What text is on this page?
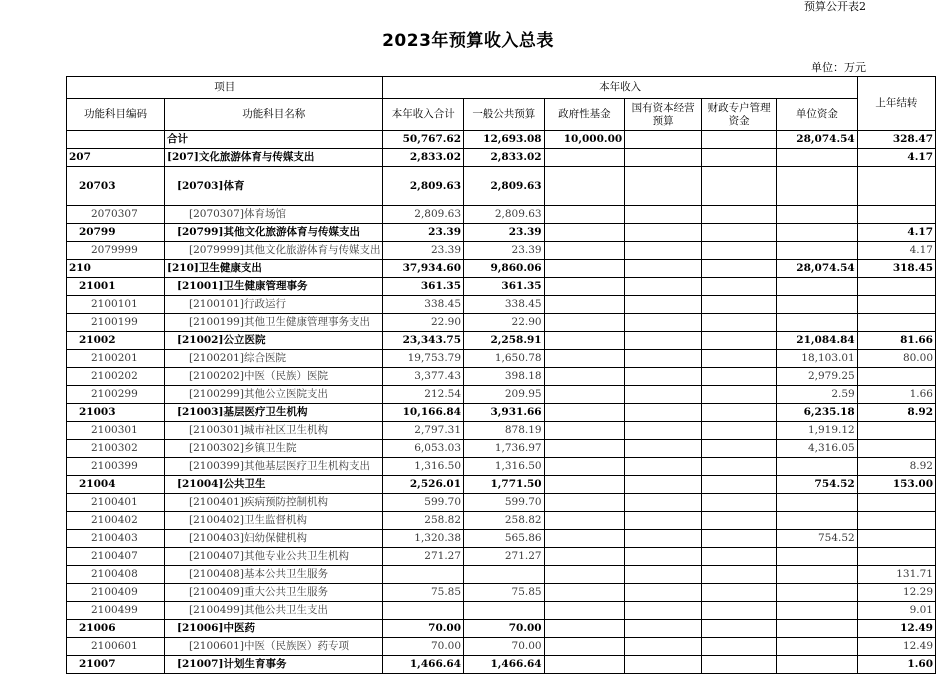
预算公开表2
2023年预算收入总表
单位：万元
项目		本年收入						上年结转
功能科目编码	功能科目名称	本年收入合计	一般公共预算	政府性基金	国有资本经营预算	财政专户管理资金	单位资金	
	合计	50,767.62	12,693.08	10,000.00			28,074.54	328.47
207	[207]文化旅游体育与传媒支出	2,833.02	2,833.02					4.17
20703	[20703]体育	2,809.63	2,809.63					
2070307	[2070307]体育场馆	2,809.63	2,809.63					
20799	[20799]其他文化旅游体育与传媒支出	23.39	23.39					4.17
2079999	[2079999]其他文化旅游体育与传媒支出	23.39	23.39					4.17
210	[210]卫生健康支出	37,934.60	9,860.06				28,074.54	318.45
21001	[21001]卫生健康管理事务	361.35	361.35					
2100101	[2100101]行政运行	338.45	338.45					
2100199	[2100199]其他卫生健康管理事务支出	22.90	22.90					
21002	[21002]公立医院	23,343.75	2,258.91				21,084.84	81.66
2100201	[2100201]综合医院	19,753.79	1,650.78				18,103.01	80.00
2100202	[2100202]中医（民族）医院	3,377.43	398.18				2,979.25	
2100299	[2100299]其他公立医院支出	212.54	209.95				2.59	1.66
21003	[21003]基层医疗卫生机构	10,166.84	3,931.66				6,235.18	8.92
2100301	[2100301]城市社区卫生机构	2,797.31	878.19				1,919.12	
2100302	[2100302]乡镇卫生院	6,053.03	1,736.97				4,316.05	
2100399	[2100399]其他基层医疗卫生机构支出	1,316.50	1,316.50					8.92
21004	[21004]公共卫生	2,526.01	1,771.50				754.52	153.00
2100401	[2100401]疾病预防控制机构	599.70	599.70					
2100402	[2100402]卫生监督机构	258.82	258.82					
2100403	[2100403]妇幼保健机构	1,320.38	565.86				754.52	
2100407	[2100407]其他专业公共卫生机构	271.27	271.27					
2100408	[2100408]基本公共卫生服务							131.71
2100409	[2100409]重大公共卫生服务	75.85	75.85					12.29
2100499	[2100499]其他公共卫生支出							9.01
21006	[21006]中医药	70.00	70.00					12.49
2100601	[2100601]中医（民族医）药专项	70.00	70.00					12.49
21007	[21007]计划生育事务	1,466.64	1,466.64					1.60
